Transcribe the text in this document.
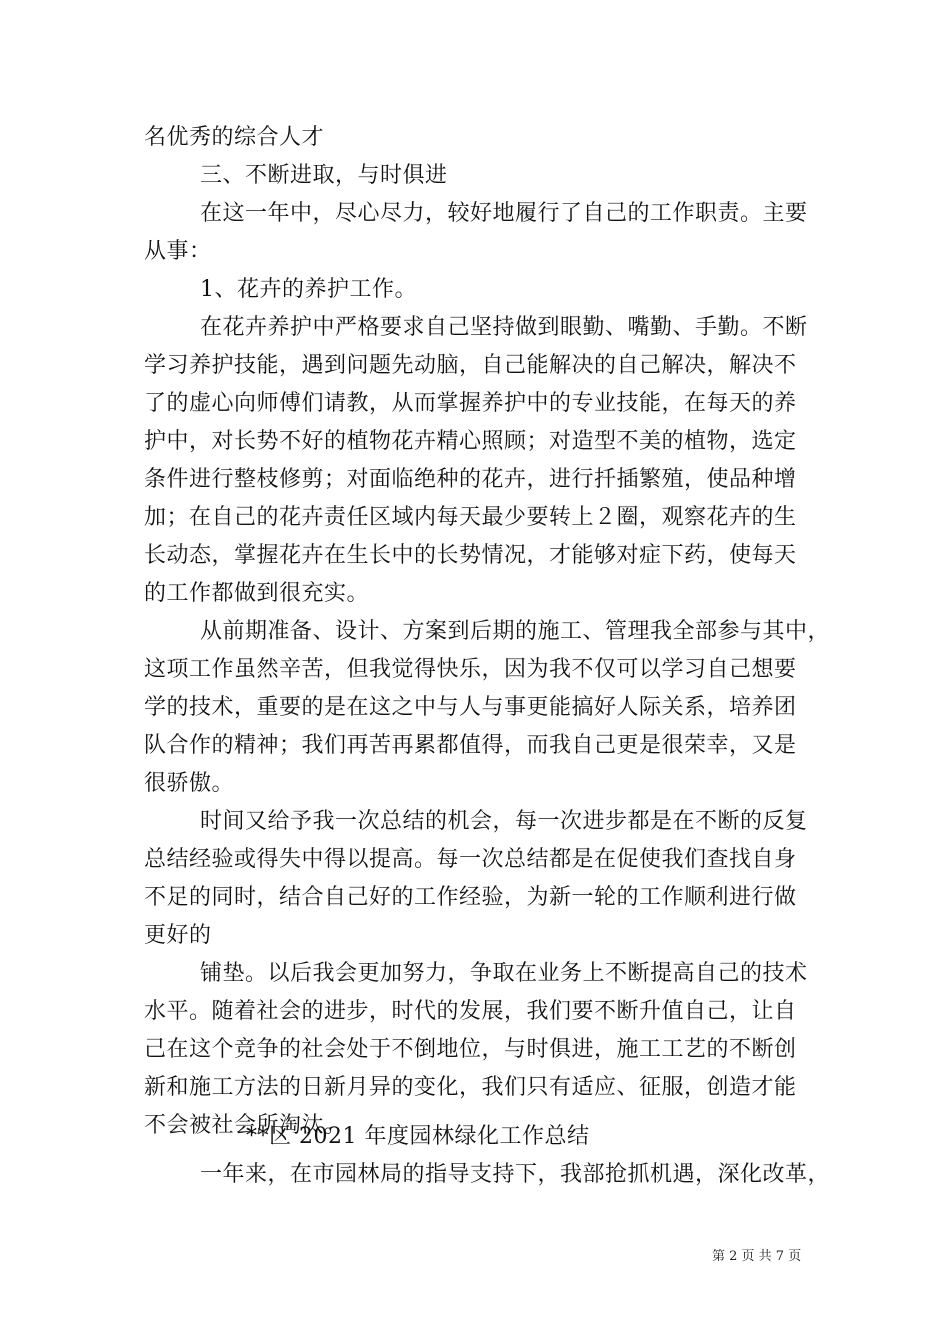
名优秀的综合人才
三、不断进取，与时俱进
在这一年中，尽心尽力，较好地履行了自己的工作职责。主要
从事：
1、花卉的养护工作。
在花卉养护中严格要求自己坚持做到眼勤、嘴勤、手勤。不断
学习养护技能，遇到问题先动脑，自己能解决的自己解决，解决不
了的虚心向师傅们请教，从而掌握养护中的专业技能，在每天的养
护中，对长势不好的植物花卉精心照顾；对造型不美的植物，选定
条件进行整枝修剪；对面临绝种的花卉，进行扦插繁殖，使品种增
加；在自己的花卉责任区域内每天最少要转上２圈，观察花卉的生
长动态，掌握花卉在生长中的长势情况，才能够对症下药，使每天
的工作都做到很充实。
从前期准备、设计、方案到后期的施工、管理我全部参与其中，
这项工作虽然辛苦，但我觉得快乐，因为我不仅可以学习自己想要
学的技术，重要的是在这之中与人与事更能搞好人际关系，培养团
队合作的精神；我们再苦再累都值得，而我自己更是很荣幸，又是
很骄傲。
时间又给予我一次总结的机会，每一次进步都是在不断的反复
总结经验或得失中得以提高。每一次总结都是在促使我们查找自身
不足的同时，结合自己好的工作经验，为新一轮的工作顺利进行做
更好的
铺垫。以后我会更加努力，争取在业务上不断提高自己的技术
水平。随着社会的进步，时代的发展，我们要不断升值自己，让自
己在这个竞争的社会处于不倒地位，与时俱进，施工工艺的不断创
新和施工方法的日新月异的变化，我们只有适应、征服，创造才能
不会被社会所淘汰。
**区 2021 年度园林绿化工作总结
一年来，在市园林局的指导支持下，我部抢抓机遇，深化改革，
第 2 页 共 7 页
